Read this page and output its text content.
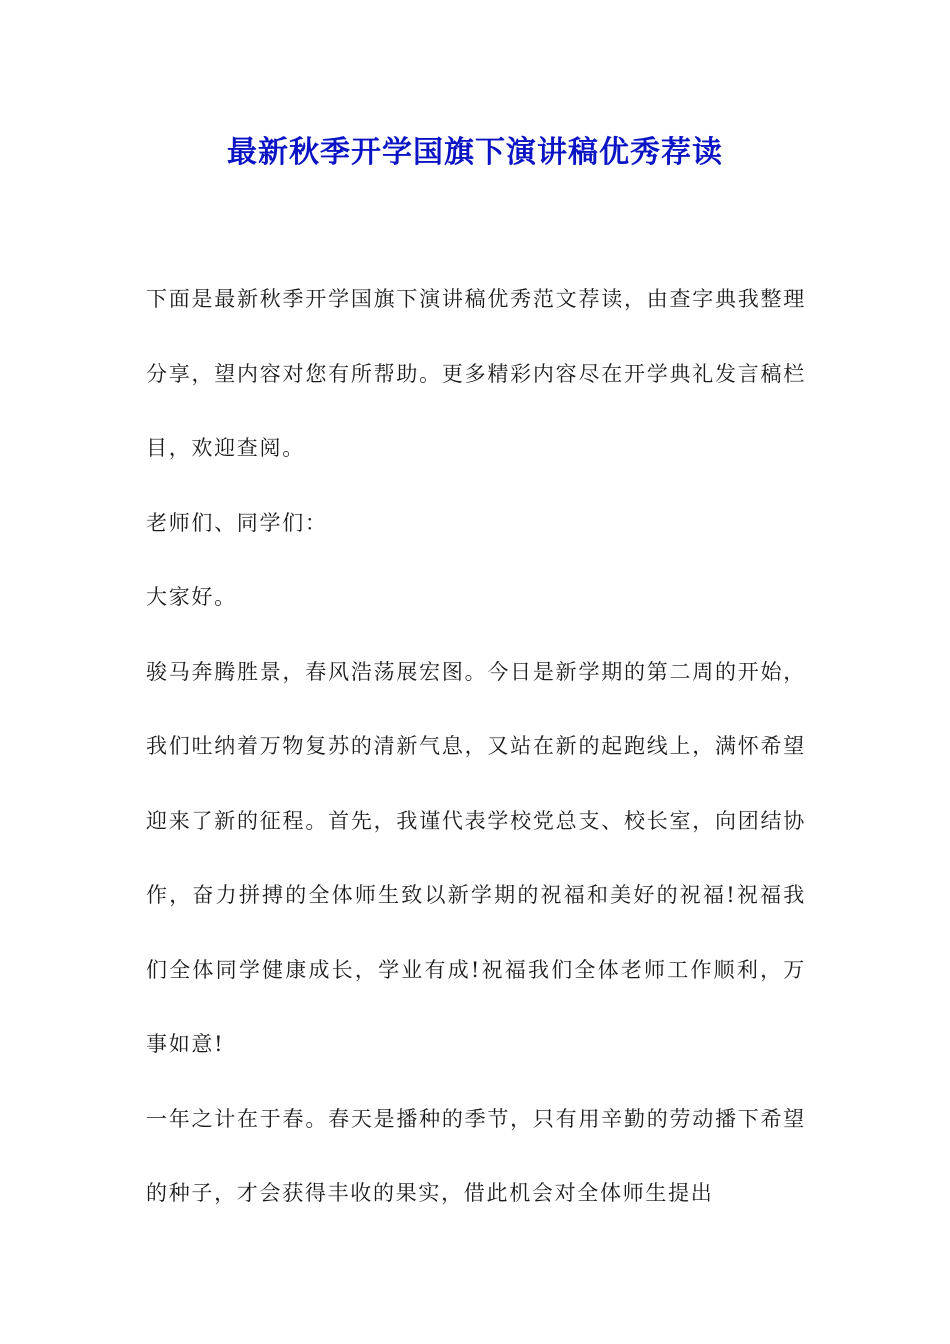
最新秋季开学国旗下演讲稿优秀荐读

下面是最新秋季开学国旗下演讲稿优秀范文荐读，由查字典我整理分享，望内容对您有所帮助。更多精彩内容尽在开学典礼发言稿栏目，欢迎查阅。

老师们、同学们：

大家好。

骏马奔腾胜景，春风浩荡展宏图。今日是新学期的第二周的开始，我们吐纳着万物复苏的清新气息，又站在新的起跑线上，满怀希望迎来了新的征程。首先，我谨代表学校党总支、校长室，向团结协作，奋力拼搏的全体师生致以新学期的祝福和美好的祝福!祝福我们全体同学健康成长，学业有成!祝福我们全体老师工作顺利，万事如意!

一年之计在于春。春天是播种的季节，只有用辛勤的劳动播下希望的种子，才会获得丰收的果实，借此机会对全体师生提出
